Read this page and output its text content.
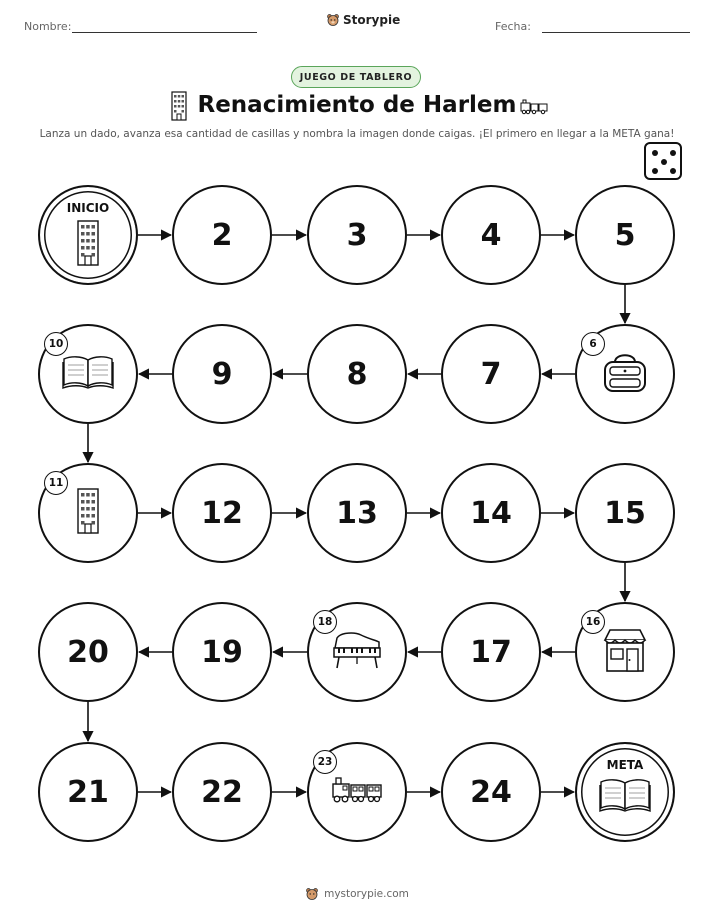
Nombre:	Storypie	Fecha:
JUEGO DE TABLERO
Renacimiento de Harlem
Lanza un dado, avanza esa cantidad de casillas y nombra la imagen donde caigas. ¡El primero en llegar a la META gana!
INICIO
2	3	4	5
6
7
8
9
10
11
12	13	14	15
16
17
18
19
20
21	22
23
24
META
mystorypie.com
